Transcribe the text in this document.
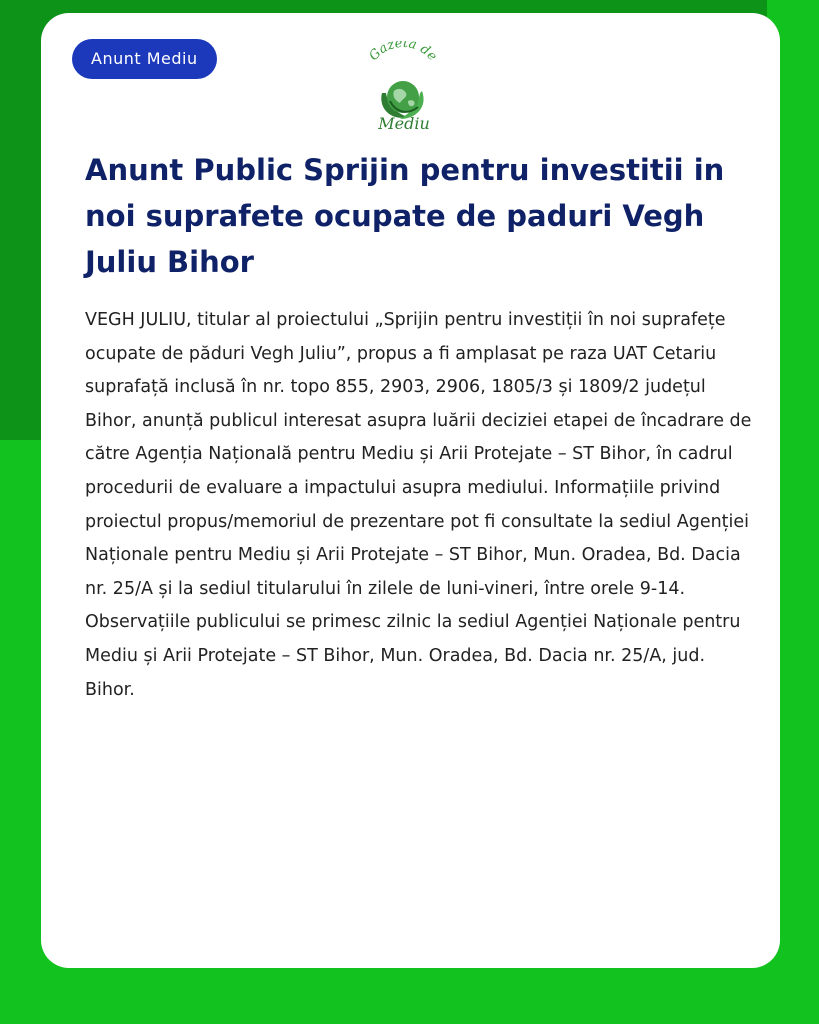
Anunt Mediu	Gazeta de
Mediu
Anunt Public Sprijin pentru investitii in noi suprafete ocupate de paduri Vegh Juliu Bihor

VEGH JULIU, titular al proiectului „Sprijin pentru investiții în noi suprafețe ocupate de păduri Vegh Juliu”, propus a fi amplasat pe raza UAT Cetariu suprafață inclusă în nr. topo 855, 2903, 2906, 1805/3 și 1809/2 județul Bihor, anunță publicul interesat asupra luării deciziei etapei de încadrare de către Agenția Națională pentru Mediu și Arii Protejate – ST Bihor, în cadrul procedurii de evaluare a impactului asupra mediului. Informațiile privind proiectul propus/memoriul de prezentare pot fi consultate la sediul Agenției Naționale pentru Mediu și Arii Protejate – ST Bihor, Mun. Oradea, Bd. Dacia nr. 25/A și la sediul titularului în zilele de luni-vineri, între orele 9-14. Observațiile publicului se primesc zilnic la sediul Agenției Naționale pentru Mediu și Arii Protejate – ST Bihor, Mun. Oradea, Bd. Dacia nr. 25/A, jud. Bihor.
